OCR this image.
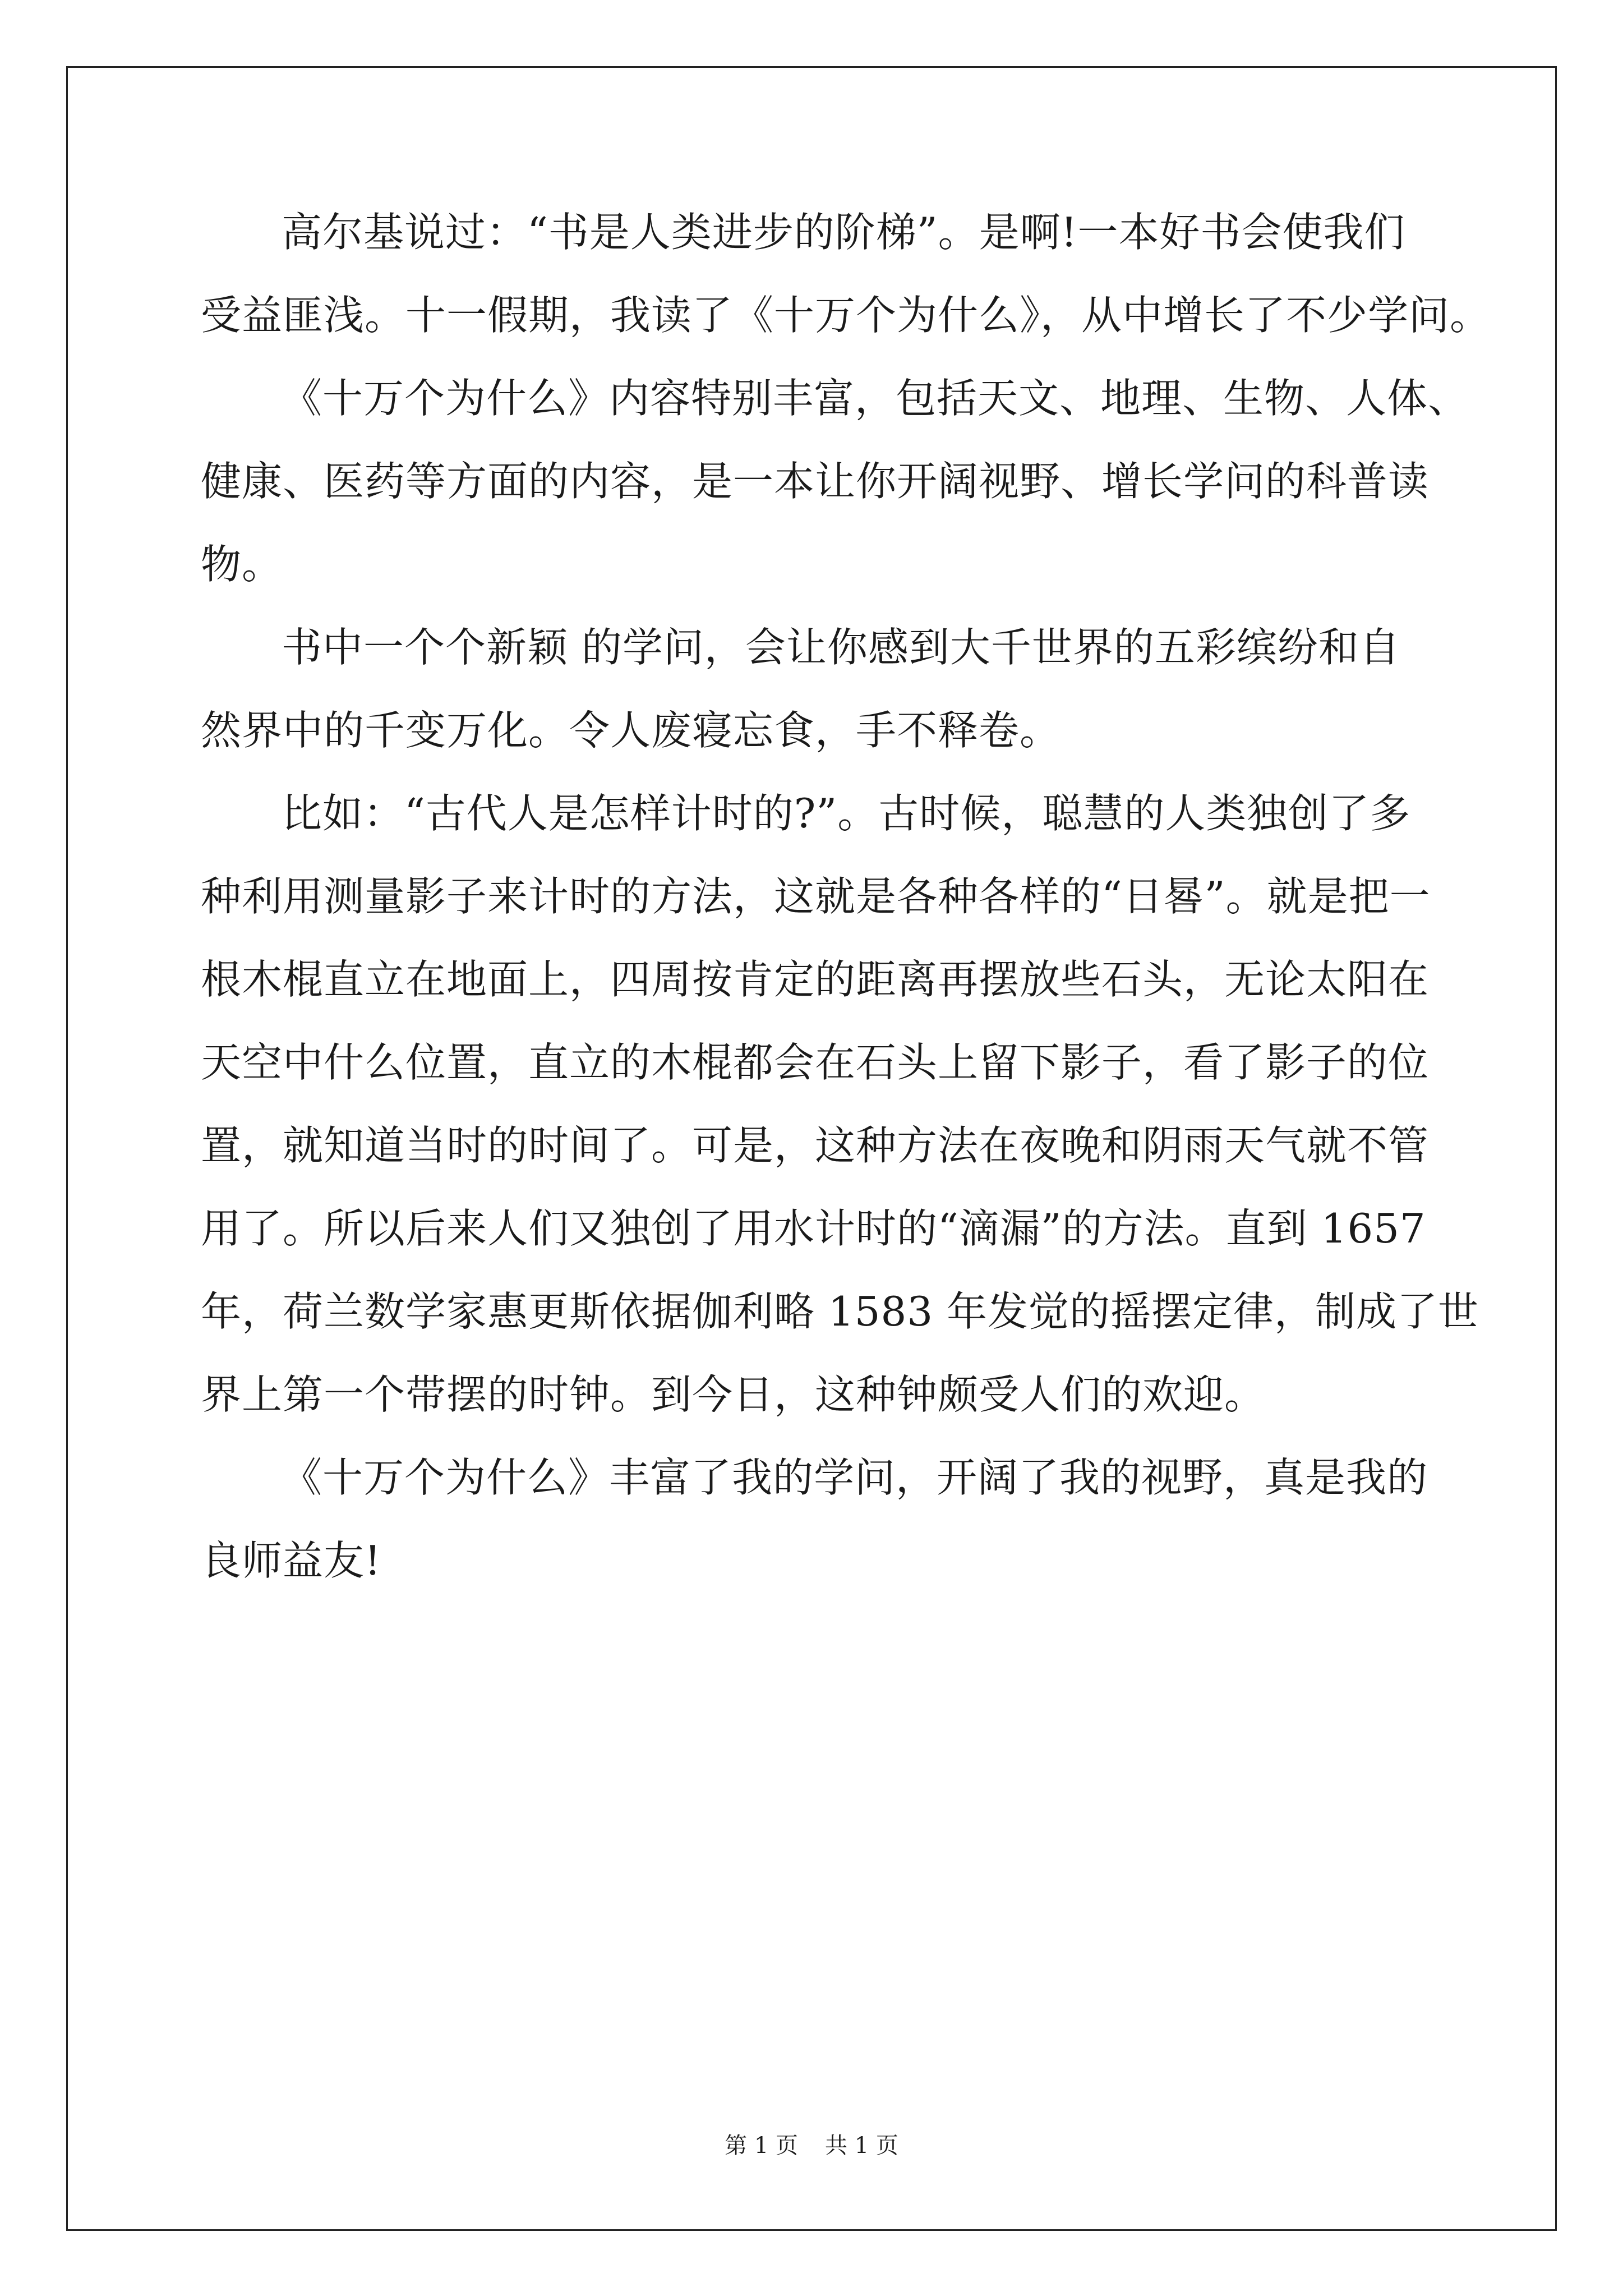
高尔基说过：“书是人类进步的阶梯”。是啊!一本好书会使我们
受益匪浅。十一假期，我读了《十万个为什么》，从中增长了不少学问。
《十万个为什么》内容特别丰富，包括天文、地理、生物、人体、
健康、医药等方面的内容，是一本让你开阔视野、增长学问的科普读
物。
书中一个个新颖 的学问，会让你感到大千世界的五彩缤纷和自
然界中的千变万化。令人废寝忘食，手不释卷。
比如：“古代人是怎样计时的?”。古时候，聪慧的人类独创了多
种利用测量影子来计时的方法，这就是各种各样的“日晷”。就是把一
根木棍直立在地面上，四周按肯定的距离再摆放些石头，无论太阳在
天空中什么位置，直立的木棍都会在石头上留下影子，看了影子的位
置，就知道当时的时间了。可是，这种方法在夜晚和阴雨天气就不管
用了。所以后来人们又独创了用水计时的“滴漏”的方法。直到 1657
年，荷兰数学家惠更斯依据伽利略 1583 年发觉的摇摆定律，制成了世
界上第一个带摆的时钟。到今日，这种钟颇受人们的欢迎。
《十万个为什么》丰富了我的学问，开阔了我的视野，真是我的
良师益友!
第 1 页 共 1 页
